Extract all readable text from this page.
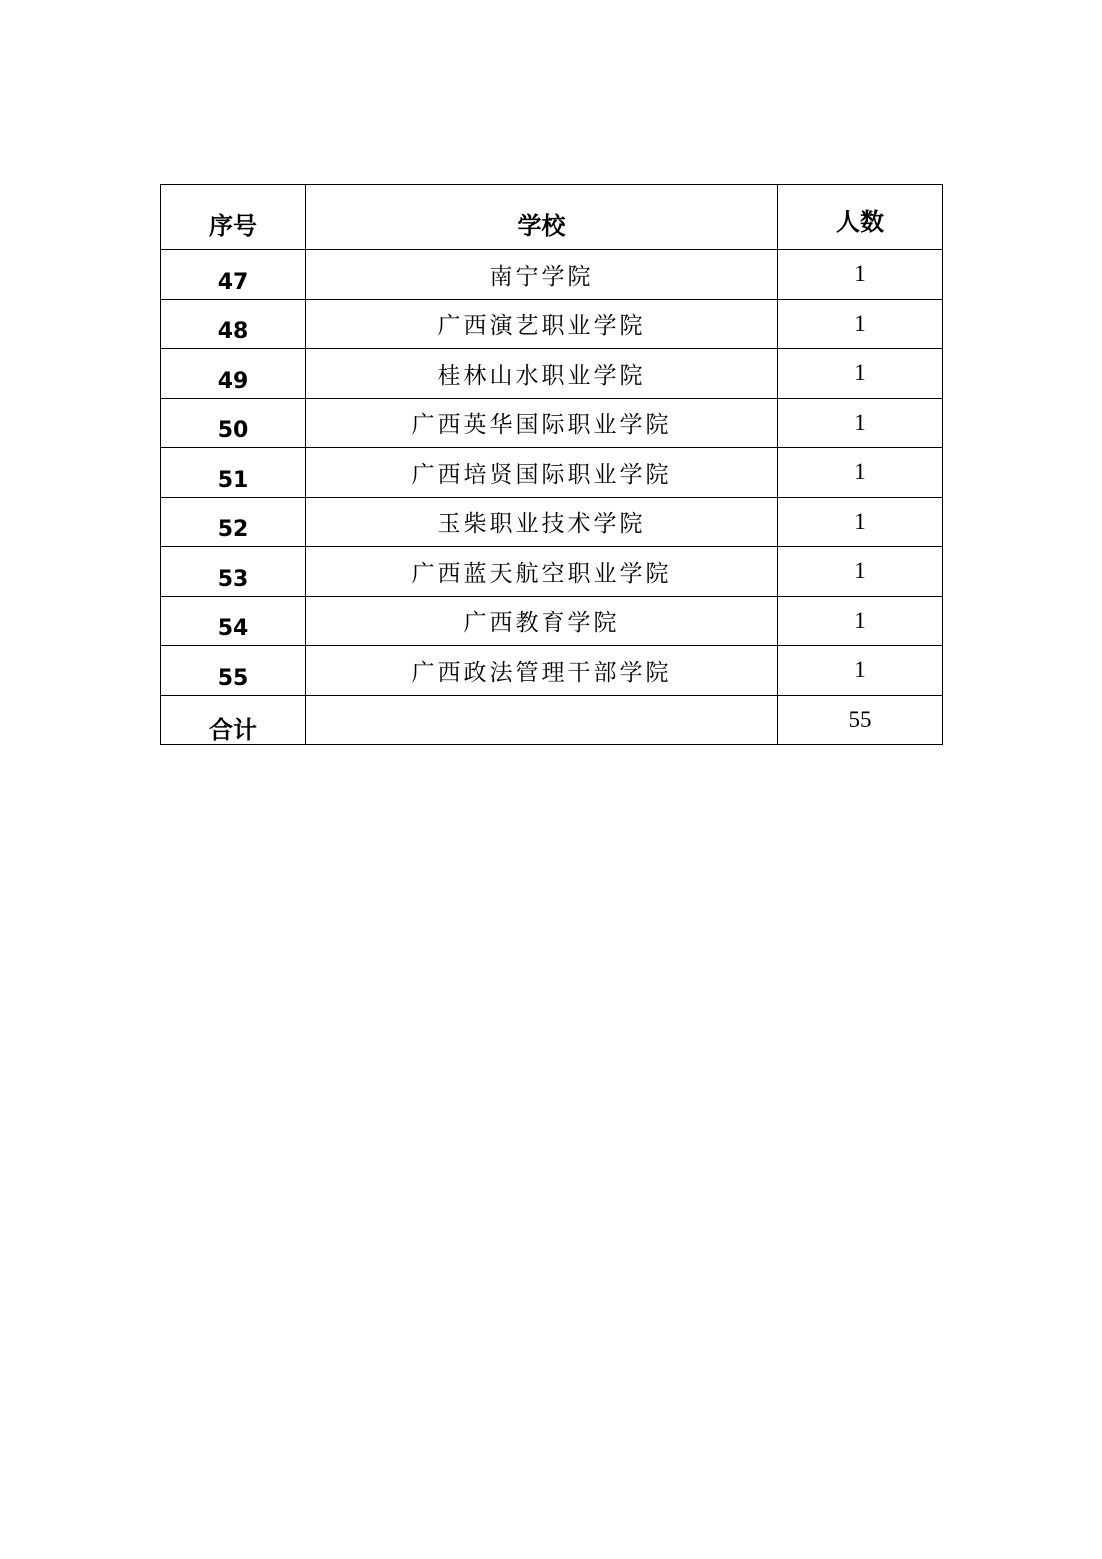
序号	学校	人数
47	南宁学院	1
48	广西演艺职业学院	1
49	桂林山水职业学院	1
50	广西英华国际职业学院	1
51	广西培贤国际职业学院	1
52	玉柴职业技术学院	1
53	广西蓝天航空职业学院	1
54	广西教育学院	1
55	广西政法管理干部学院	1
合计		55
